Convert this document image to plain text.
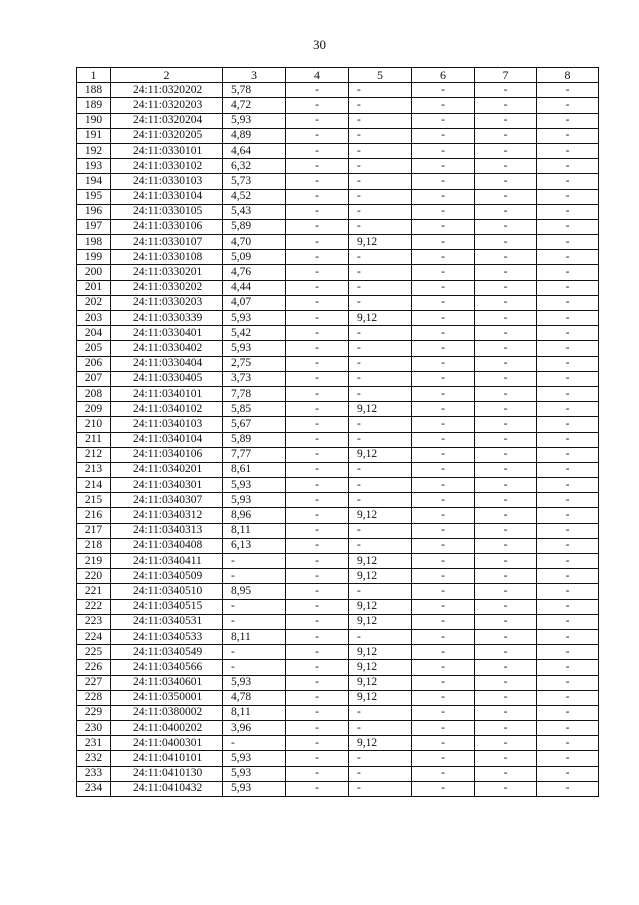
30
1	2	3	4	5	6	7	8
188	24:11:0320202	5,78	-	-	-	-	-
189	24:11:0320203	4,72	-	-	-	-	-
190	24:11:0320204	5,93	-	-	-	-	-
191	24:11:0320205	4,89	-	-	-	-	-
192	24:11:0330101	4,64	-	-	-	-	-
193	24:11:0330102	6,32	-	-	-	-	-
194	24:11:0330103	5,73	-	-	-	-	-
195	24:11:0330104	4,52	-	-	-	-	-
196	24:11:0330105	5,43	-	-	-	-	-
197	24:11:0330106	5,89	-	-	-	-	-
198	24:11:0330107	4,70	-	9,12	-	-	-
199	24:11:0330108	5,09	-	-	-	-	-
200	24:11:0330201	4,76	-	-	-	-	-
201	24:11:0330202	4,44	-	-	-	-	-
202	24:11:0330203	4,07	-	-	-	-	-
203	24:11:0330339	5,93	-	9,12	-	-	-
204	24:11:0330401	5,42	-	-	-	-	-
205	24:11:0330402	5,93	-	-	-	-	-
206	24:11:0330404	2,75	-	-	-	-	-
207	24:11:0330405	3,73	-	-	-	-	-
208	24:11:0340101	7,78	-	-	-	-	-
209	24:11:0340102	5,85	-	9,12	-	-	-
210	24:11:0340103	5,67	-	-	-	-	-
211	24:11:0340104	5,89	-	-	-	-	-
212	24:11:0340106	7,77	-	9,12	-	-	-
213	24:11:0340201	8,61	-	-	-	-	-
214	24:11:0340301	5,93	-	-	-	-	-
215	24:11:0340307	5,93	-	-	-	-	-
216	24:11:0340312	8,96	-	9,12	-	-	-
217	24:11:0340313	8,11	-	-	-	-	-
218	24:11:0340408	6,13	-	-	-	-	-
219	24:11:0340411	-	-	9,12	-	-	-
220	24:11:0340509	-	-	9,12	-	-	-
221	24:11:0340510	8,95	-	-	-	-	-
222	24:11:0340515	-	-	9,12	-	-	-
223	24:11:0340531	-	-	9,12	-	-	-
224	24:11:0340533	8,11	-	-	-	-	-
225	24:11:0340549	-	-	9,12	-	-	-
226	24:11:0340566	-	-	9,12	-	-	-
227	24:11:0340601	5,93	-	9,12	-	-	-
228	24:11:0350001	4,78	-	9,12	-	-	-
229	24:11:0380002	8,11	-	-	-	-	-
230	24:11:0400202	3,96	-	-	-	-	-
231	24:11:0400301	-	-	9,12	-	-	-
232	24:11:0410101	5,93	-	-	-	-	-
233	24:11:0410130	5,93	-	-	-	-	-
234	24:11:0410432	5,93	-	-	-	-	-
